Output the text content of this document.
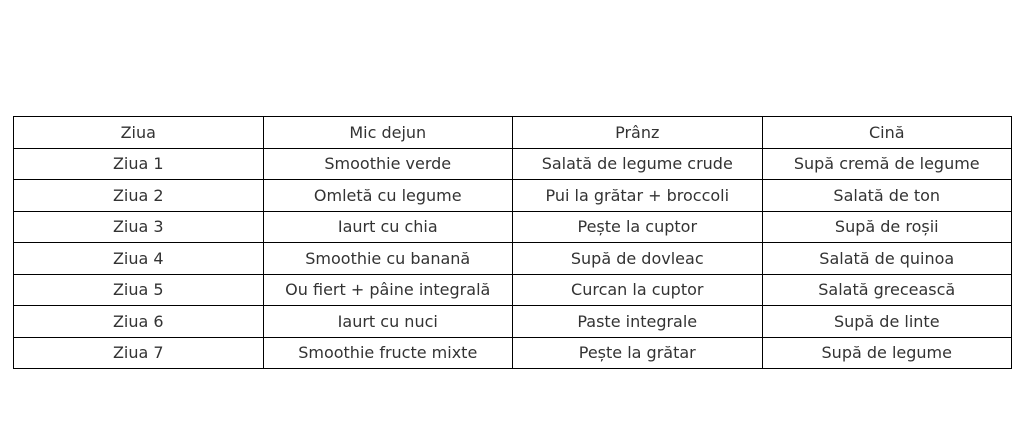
Ziua	Mic dejun	Prânz	Cină
Ziua 1	Smoothie verde	Salată de legume crude	Supă cremă de legume
Ziua 2	Omletă cu legume	Pui la grătar + broccoli	Salată de ton
Ziua 3	Iaurt cu chia	Pește la cuptor	Supă de roșii
Ziua 4	Smoothie cu banană	Supă de dovleac	Salată de quinoa
Ziua 5	Ou fiert + pâine integrală	Curcan la cuptor	Salată grecească
Ziua 6	Iaurt cu nuci	Paste integrale	Supă de linte
Ziua 7	Smoothie fructe mixte	Pește la grătar	Supă de legume
